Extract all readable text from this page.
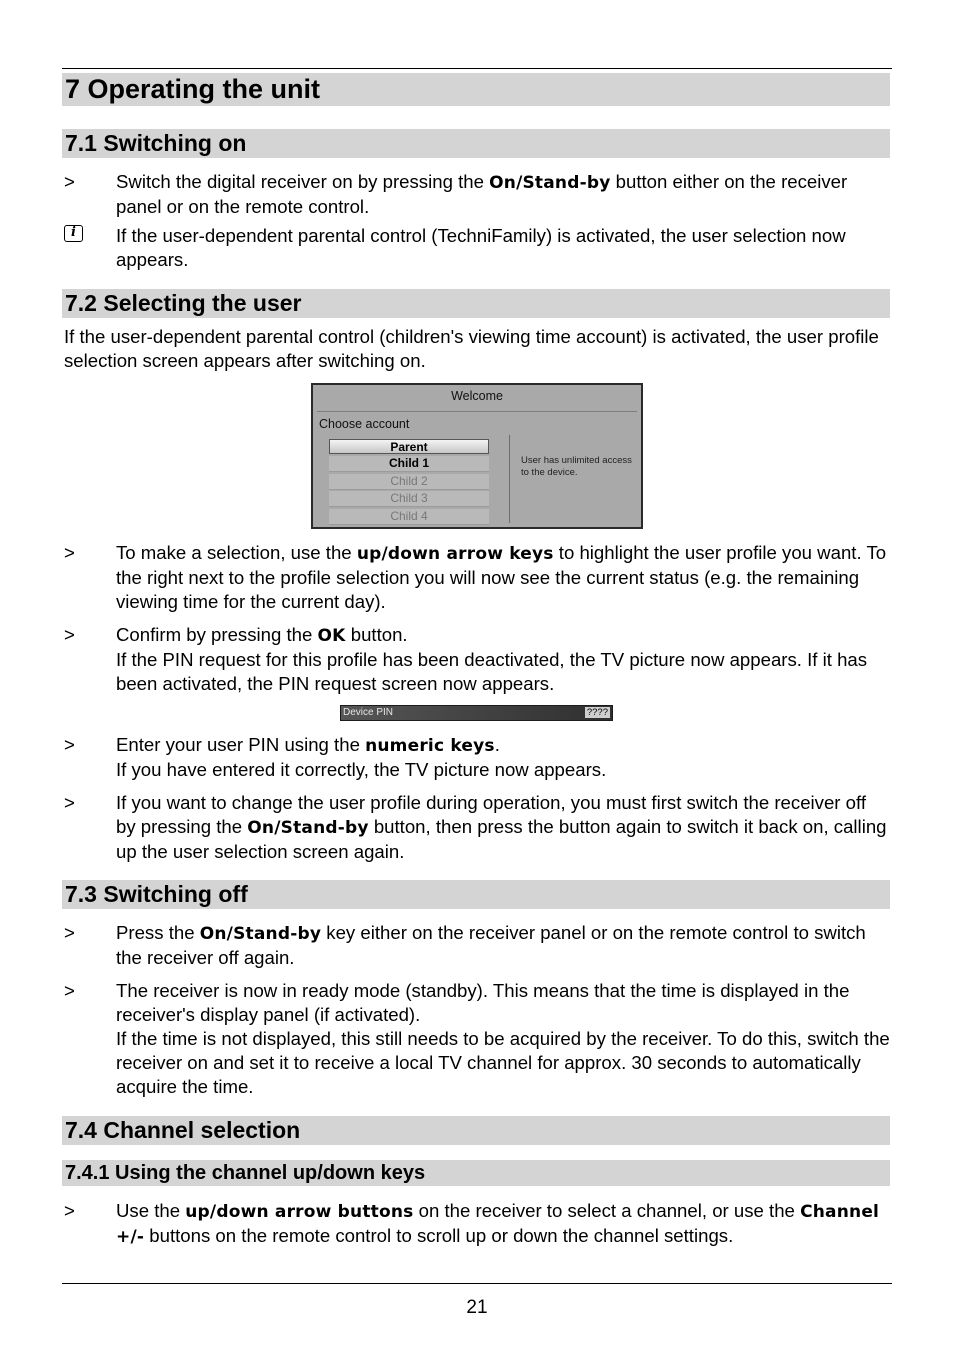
7 Operating the unit
7.1 Switching on
>	Switch the digital receiver on by pressing the On/Stand-by button either on the receiver panel or on the remote control.
i	If the user-dependent parental control (TechniFamily) is activated, the user selection now appears.
7.2 Selecting the user
If the user-dependent parental control (children's viewing time account) is activated, the user profile selection screen appears after switching on.
Welcome
Choose account
Parent
Child 1
Child 2
Child 3
Child 4
User has unlimited access to the device.
>	To make a selection, use the up/down arrow keys to highlight the user profile you want. To the right next to the profile selection you will now see the current status (e.g. the remaining viewing time for the current day).
>	Confirm by pressing the OK button.
If the PIN request for this profile has been deactivated, the TV picture now appears. If it has been activated, the PIN request screen now appears.
Device PIN	????
>	Enter your user PIN using the numeric keys.
If you have entered it correctly, the TV picture now appears.
>	If you want to change the user profile during operation, you must first switch the receiver off by pressing the On/Stand-by button, then press the button again to switch it back on, calling up the user selection screen again.
7.3 Switching off
>	Press the On/Stand-by key either on the receiver panel or on the remote control to switch the receiver off again.
>	The receiver is now in ready mode (standby). This means that the time is displayed in the receiver's display panel (if activated).
If the time is not displayed, this still needs to be acquired by the receiver. To do this, switch the receiver on and set it to receive a local TV channel for approx. 30 seconds to automatically acquire the time.
7.4 Channel selection
7.4.1 Using the channel up/down keys
>	Use the up/down arrow buttons on the receiver to select a channel, or use the Channel +/- buttons on the remote control to scroll up or down the channel settings.
21
